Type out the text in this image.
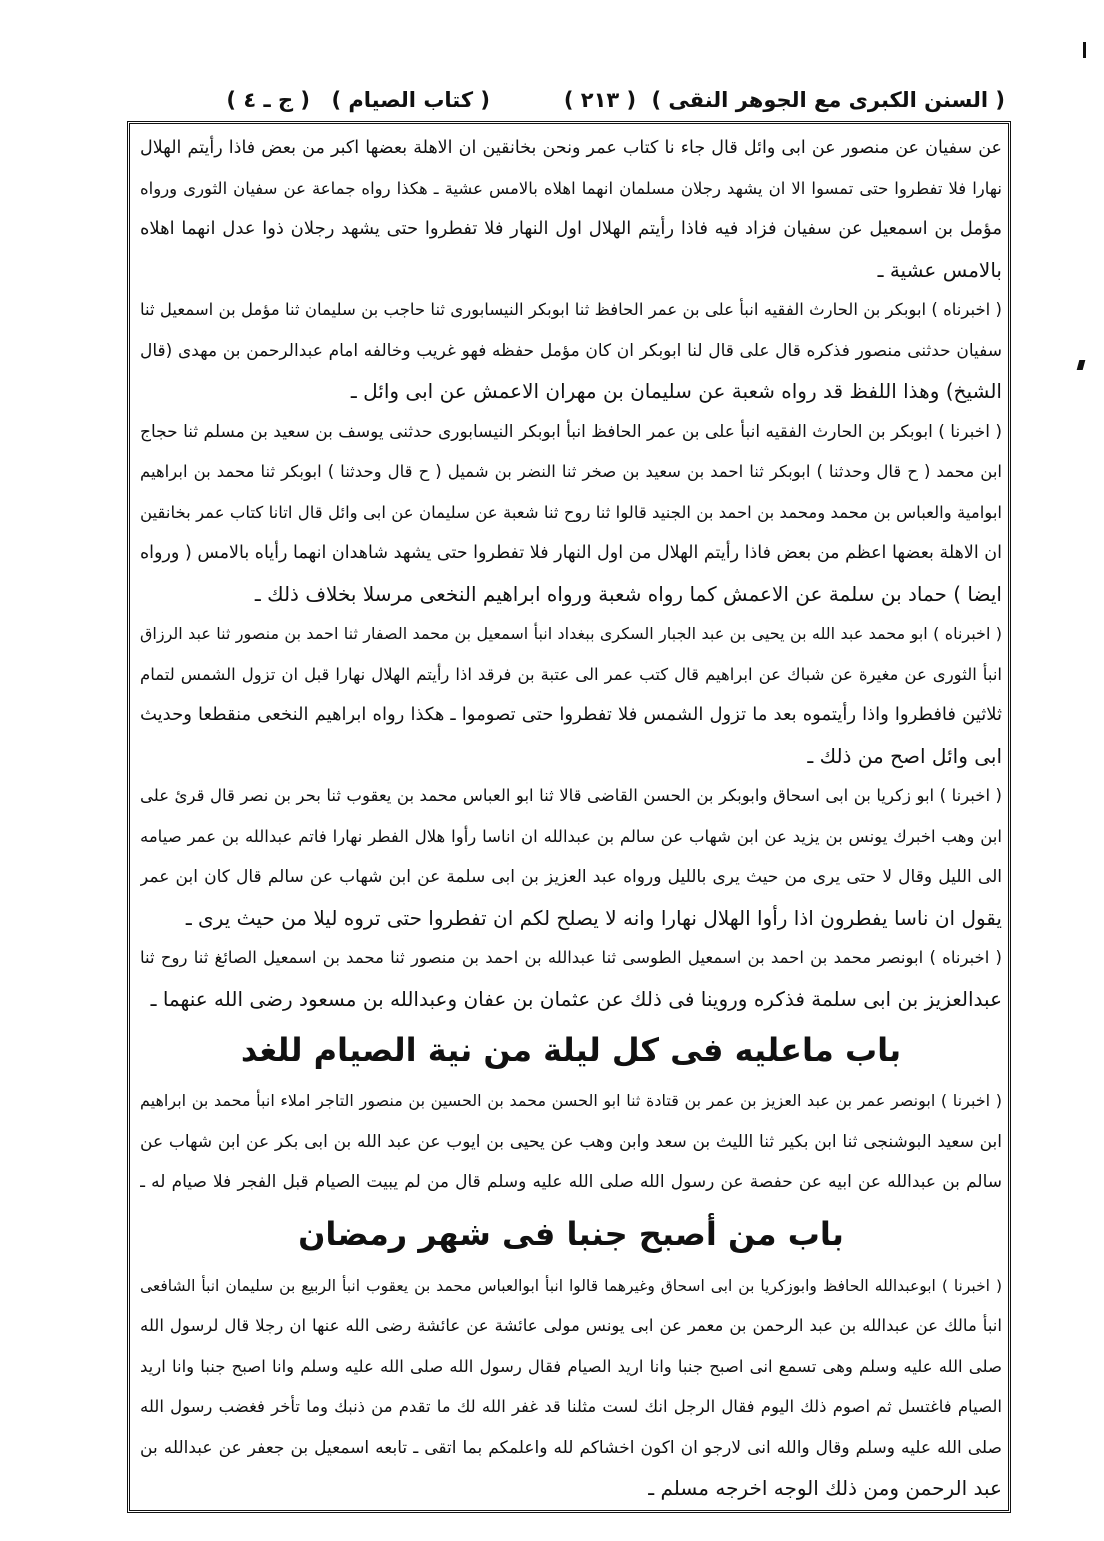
( السنن الكبرى مع الجوهر النقى )
( ٢١٣ )
( كتاب الصيام )
( ج ـ ٤ )
عن سفيان عن منصور عن ابى وائل قال جاء نا كتاب عمر ونحن بخانقين ان الاهلة بعضها اكبر من بعض فاذا رأيتم الهلال
نهارا فلا تفطروا حتى تمسوا الا ان يشهد رجلان مسلمان انهما اهلاه بالامس عشية ـ هكذا رواه جماعة عن سفيان الثورى ورواه
مؤمل بن اسمعيل عن سفيان فزاد فيه فاذا رأيتم الهلال اول النهار فلا تفطروا حتى يشهد رجلان ذوا عدل انهما اهلاه
بالامس عشية ـ
( اخبرناه ) ابوبكر بن الحارث الفقيه انبأ على بن عمر الحافظ ثنا ابوبكر النيسابورى ثنا حاجب بن سليمان ثنا مؤمل بن اسمعيل ثنا
سفيان حدثنى منصور فذكره قال على قال لنا ابوبكر ان كان مؤمل حفظه فهو غريب وخالفه امام عبدالرحمن بن مهدى (قال
الشيخ) وهذا اللفظ قد رواه شعبة عن سليمان بن مهران الاعمش عن ابى وائل ـ
( اخبرنا ) ابوبكر بن الحارث الفقيه انبأ على بن عمر الحافظ انبأ ابوبكر النيسابورى حدثنى يوسف بن سعيد بن مسلم ثنا حجاج
ابن محمد ( ح قال وحدثنا ) ابوبكر ثنا احمد بن سعيد بن صخر ثنا النضر بن شميل ( ح قال وحدثنا ) ابوبكر ثنا محمد بن ابراهيم
ابوامية والعباس بن محمد ومحمد بن احمد بن الجنيد قالوا ثنا روح ثنا شعبة عن سليمان عن ابى وائل قال اتانا كتاب عمر بخانقين
ان الاهلة بعضها اعظم من بعض فاذا رأيتم الهلال من اول النهار فلا تفطروا حتى يشهد شاهدان انهما رأياه بالامس ( ورواه
ايضا ) حماد بن سلمة عن الاعمش كما رواه شعبة ورواه ابراهيم النخعى مرسلا بخلاف ذلك ـ
( اخبرناه ) ابو محمد عبد الله بن يحيى بن عبد الجبار السكرى ببغداد انبأ اسمعيل بن محمد الصفار ثنا احمد بن منصور ثنا عبد الرزاق
انبأ الثورى عن مغيرة عن شباك عن ابراهيم قال كتب عمر الى عتبة بن فرقد اذا رأيتم الهلال نهارا قبل ان تزول الشمس لتمام
ثلاثين فافطروا واذا رأيتموه بعد ما تزول الشمس فلا تفطروا حتى تصوموا ـ هكذا رواه ابراهيم النخعى منقطعا وحديث
ابى وائل اصح من ذلك ـ
( اخبرنا ) ابو زكريا بن ابى اسحاق وابوبكر بن الحسن القاضى قالا ثنا ابو العباس محمد بن يعقوب ثنا بحر بن نصر قال قرئ على
ابن وهب اخبرك يونس بن يزيد عن ابن شهاب عن سالم بن عبدالله ان اناسا رأوا هلال الفطر نهارا فاتم عبدالله بن عمر صيامه
الى الليل وقال لا حتى يرى من حيث يرى بالليل ورواه عبد العزيز بن ابى سلمة عن ابن شهاب عن سالم قال كان ابن عمر
يقول ان ناسا يفطرون اذا رأوا الهلال نهارا وانه لا يصلح لكم ان تفطروا حتى تروه ليلا من حيث يرى ـ
( اخبرناه ) ابونصر محمد بن احمد بن اسمعيل الطوسى ثنا عبدالله بن احمد بن منصور ثنا محمد بن اسمعيل الصائغ ثنا روح ثنا
عبدالعزيز بن ابى سلمة فذكره وروينا فى ذلك عن عثمان بن عفان وعبدالله بن مسعود رضى الله عنهما ـ
باب ماعليه فى كل ليلة من نية الصيام للغد
( اخبرنا ) ابونصر عمر بن عبد العزيز بن عمر بن قتادة ثنا ابو الحسن محمد بن الحسين بن منصور التاجر املاء انبأ محمد بن ابراهيم
ابن سعيد البوشنجى ثنا ابن بكير ثنا الليث بن سعد وابن وهب عن يحيى بن ايوب عن عبد الله بن ابى بكر عن ابن شهاب عن
سالم بن عبدالله عن ابيه عن حفصة عن رسول الله صلى الله عليه وسلم قال من لم يبيت الصيام قبل الفجر فلا صيام له ـ
باب من أصبح جنبا فى شهر رمضان
( اخبرنا ) ابوعبدالله الحافظ وابوزكريا بن ابى اسحاق وغيرهما قالوا انبأ ابوالعباس محمد بن يعقوب انبأ الربيع بن سليمان انبأ الشافعى
انبأ مالك عن عبدالله بن عبد الرحمن بن معمر عن ابى يونس مولى عائشة عن عائشة رضى الله عنها ان رجلا قال لرسول الله
صلى الله عليه وسلم وهى تسمع انى اصبح جنبا وانا اريد الصيام فقال رسول الله صلى الله عليه وسلم وانا اصبح جنبا وانا اريد
الصيام فاغتسل ثم اصوم ذلك اليوم فقال الرجل انك لست مثلنا قد غفر الله لك ما تقدم من ذنبك وما تأخر فغضب رسول الله
صلى الله عليه وسلم وقال والله انى لارجو ان اكون اخشاكم لله واعلمكم بما اتقى ـ تابعه اسمعيل بن جعفر عن عبدالله بن
عبد الرحمن ومن ذلك الوجه اخرجه مسلم ـ
